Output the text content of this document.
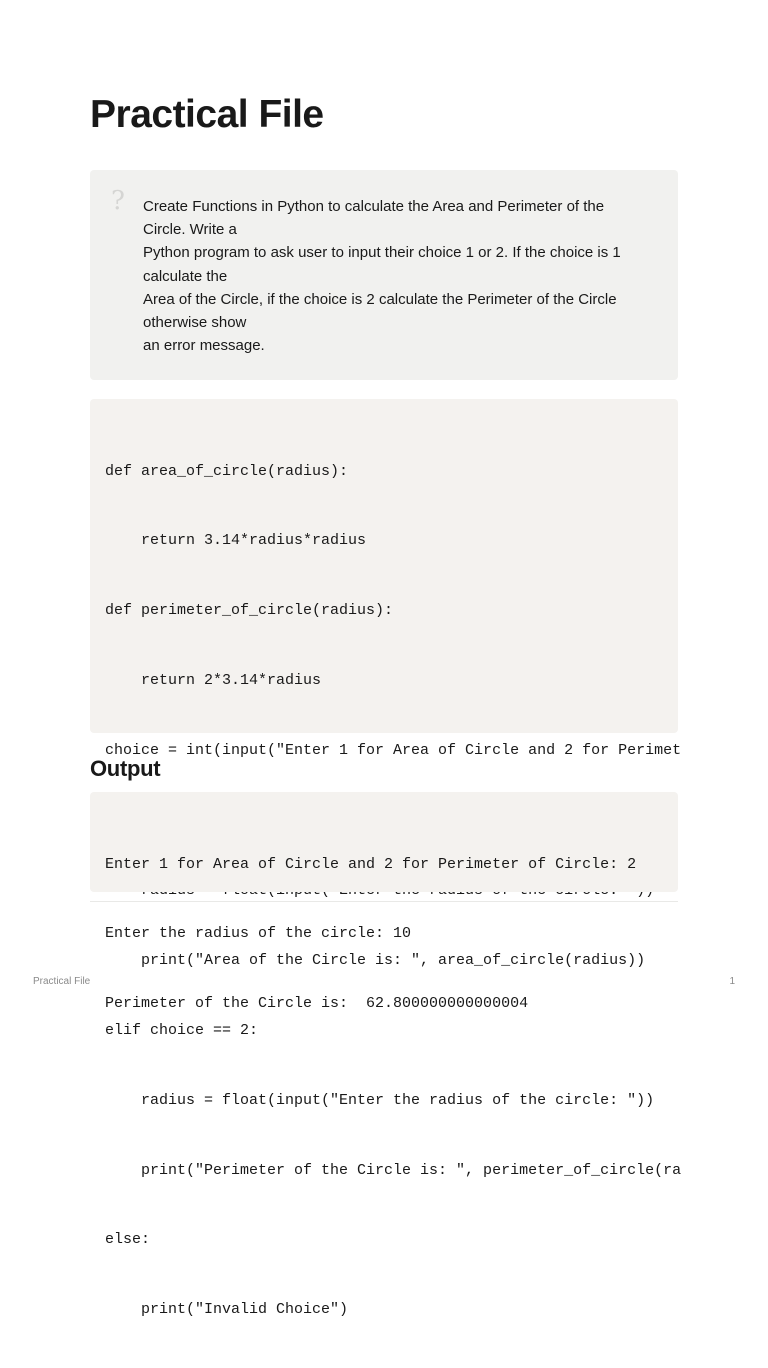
Practical File
? Create Functions in Python to calculate the Area and Perimeter of the
Circle. Write a
Python program to ask user to input their choice 1 or 2. If the choice is 1
calculate the
Area of the Circle, if the choice is 2 calculate the Perimeter of the Circle
otherwise show
an error message.

def area_of_circle(radius):

return 3.14*radius*radius

def perimeter_of_circle(radius):

return 2*3.14*radius

choice = int(input("Enter 1 for Area of Circle and 2 for Perimet

print("Area of the Circle is: ", area_of_circle(radius))

elif choice == 2:

radius = float(input("Enter the radius of the circle: "))

print("Perimeter of the Circle is: ", perimeter_of_circle(ra

else:

print("Invalid Choice")

Output

Enter 1 for Area of Circle and 2 for Perimeter of Circle: 2

Enter the radius of the circle: 10

Perimeter of the Circle is:  62.800000000000004

Practical File	1
